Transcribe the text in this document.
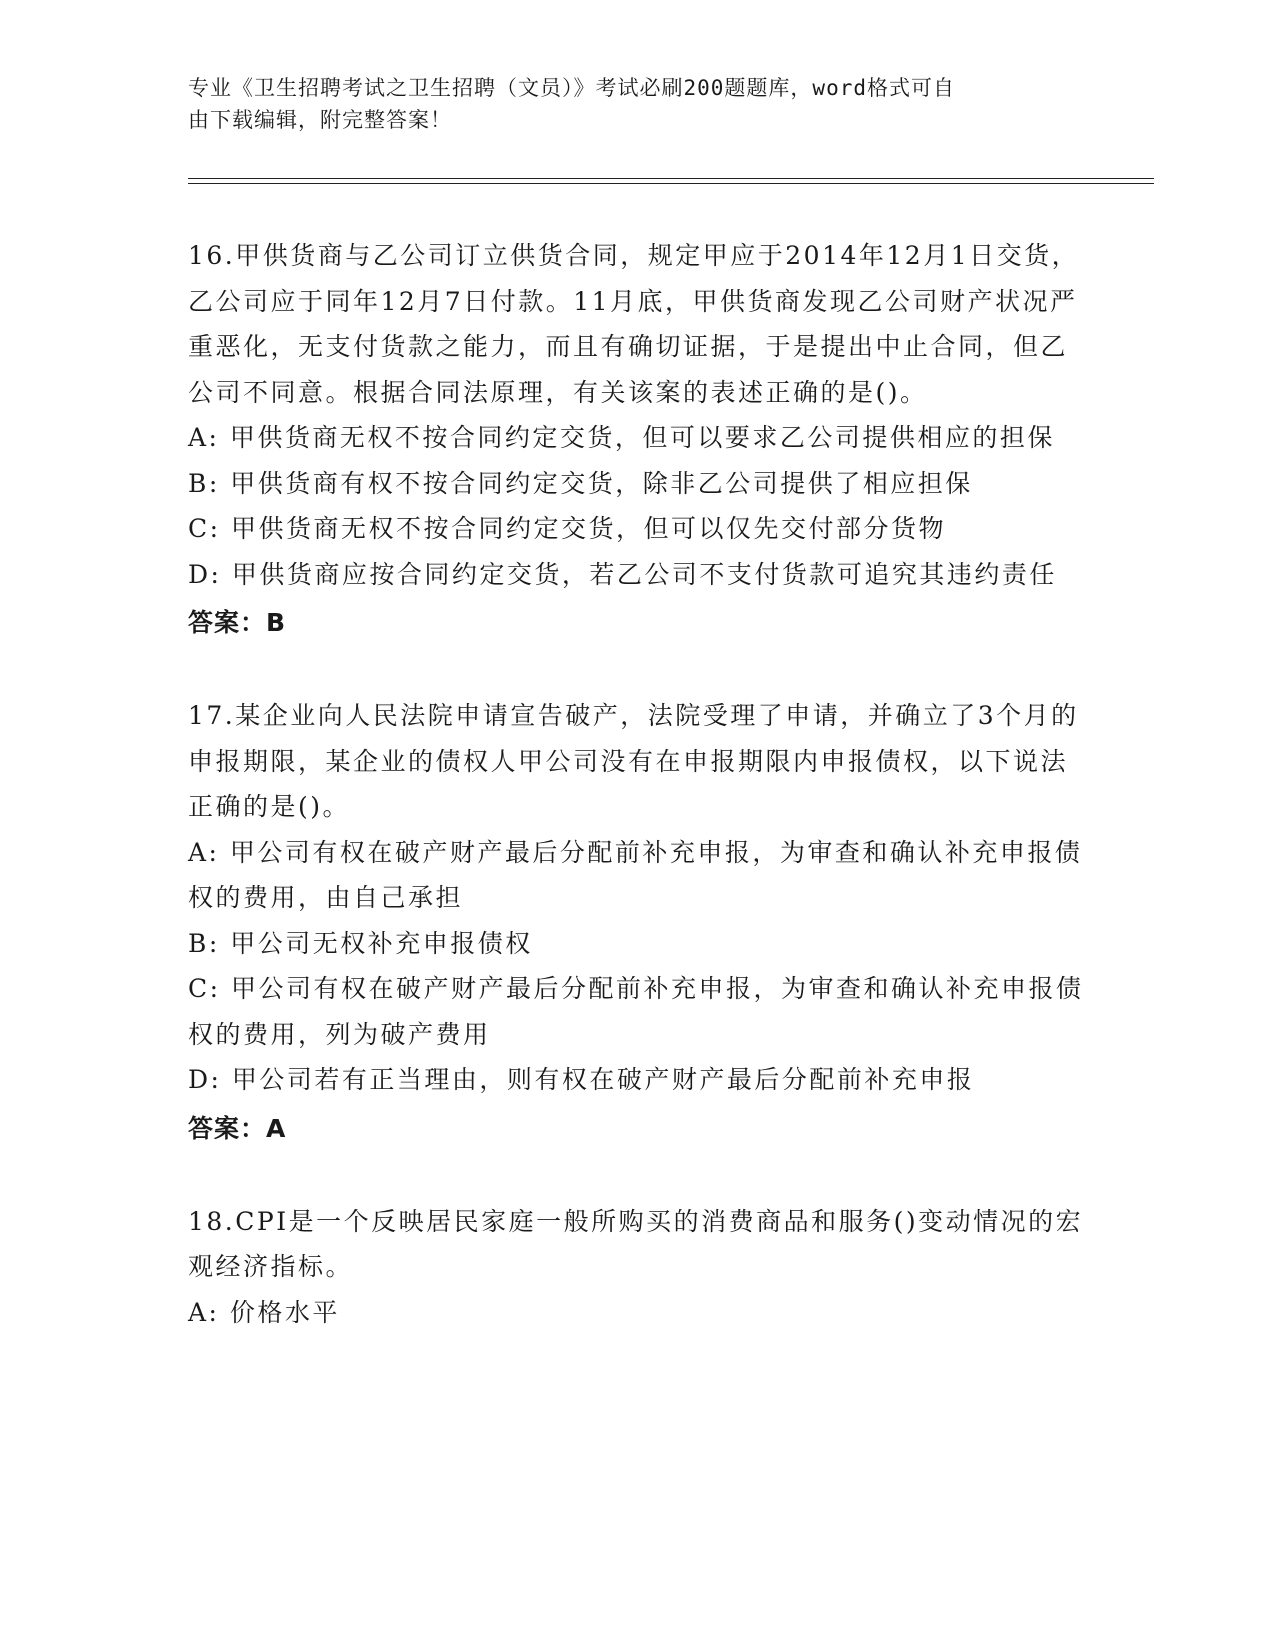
专业《卫生招聘考试之卫生招聘（文员）》考试必刷200题题库，word格式可自
由下载编辑，附完整答案！

16.甲供货商与乙公司订立供货合同，规定甲应于2014年12月1日交货，乙公司应于同年12月7日付款。11月底，甲供货商发现乙公司财产状况严重恶化，无支付货款之能力，而且有确切证据，于是提出中止合同，但乙公司不同意。根据合同法原理，有关该案的表述正确的是()。

A: 甲供货商无权不按合同约定交货，但可以要求乙公司提供相应的担保

B: 甲供货商有权不按合同约定交货，除非乙公司提供了相应担保

C: 甲供货商无权不按合同约定交货，但可以仅先交付部分货物

D: 甲供货商应按合同约定交货，若乙公司不支付货款可追究其违约责任

答案：B

17.某企业向人民法院申请宣告破产，法院受理了申请，并确立了3个月的申报期限，某企业的债权人甲公司没有在申报期限内申报债权，以下说法正确的是()。

A: 甲公司有权在破产财产最后分配前补充申报，为审查和确认补充申报债权的费用，由自己承担

B: 甲公司无权补充申报债权

C: 甲公司有权在破产财产最后分配前补充申报，为审查和确认补充申报债权的费用，列为破产费用

D: 甲公司若有正当理由，则有权在破产财产最后分配前补充申报

答案：A

18.CPI是一个反映居民家庭一般所购买的消费商品和服务()变动情况的宏观经济指标。

A: 价格水平
